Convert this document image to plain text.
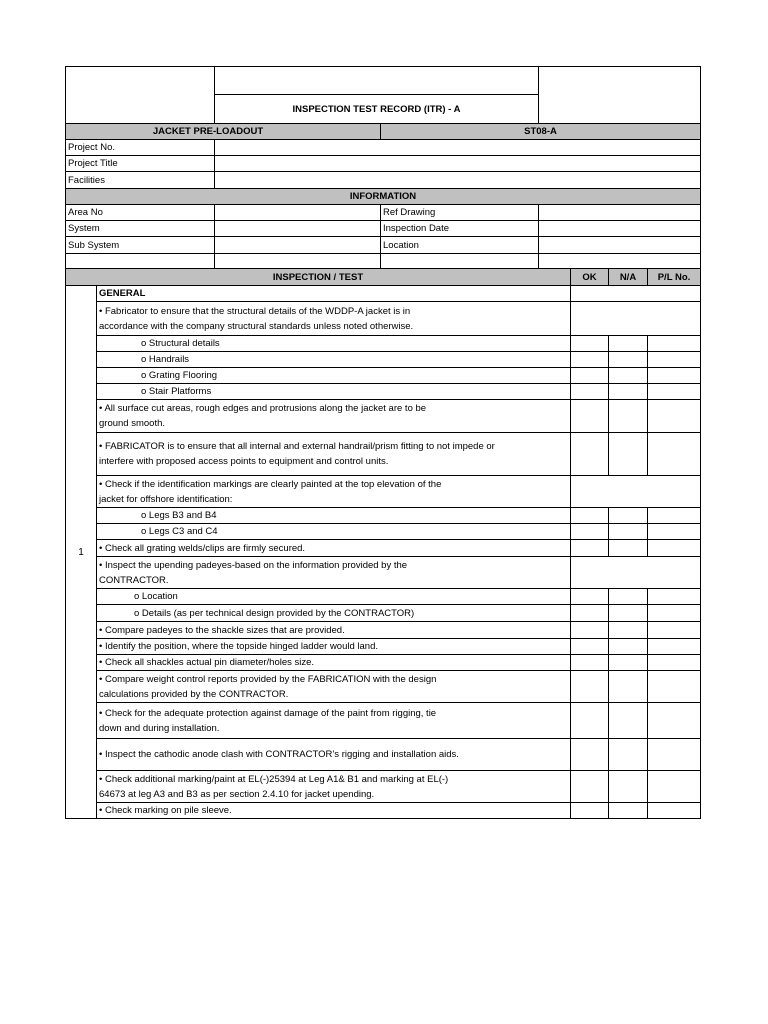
		INSPECTION TEST RECORD (ITR) - A					
JACKET PRE-LOADOUT			ST08-A				
Project No.							
Project Title							
Facilities							
INFORMATION							
Area No			Ref Drawing				
System			Inspection Date				
Sub System			Location				

INSPECTION / TEST					OK	N/A	P/L No.
1	GENERAL						
	• Fabricator to ensure that the structural details of the WDDP-A jacket is in
accordance with the company structural standards unless noted otherwise.						
	o Structural details						
	o Handrails						
	o Grating Flooring						
	o Stair Platforms						
	• All surface cut areas, rough edges and protrusions along the jacket are to be
ground smooth.						
	• FABRICATOR is to ensure that all internal and external handrail/prism fitting to not impede or
interfere with proposed access points to equipment and control units.						
	• Check if the identification markings are clearly painted at the top elevation of the
jacket for offshore identification:						
	o Legs B3 and B4						
	o Legs C3 and C4						
	• Check all grating welds/clips are firmly secured.						
	• Inspect the upending padeyes-based on the information provided by the
CONTRACTOR.						
	o Location						
	o Details (as per technical design provided by the CONTRACTOR)						
	• Compare padeyes to the shackle sizes that are provided.						
	• Identify the position, where the topside hinged ladder would land.						
	• Check all shackles actual pin diameter/holes size.						
	• Compare weight control reports provided by the FABRICATION with the design
calculations provided by the CONTRACTOR.						
	• Check for the adequate protection against damage of the paint from rigging, tie
down and during installation.						
	• Inspect the cathodic anode clash with CONTRACTOR’s rigging and installation aids.						
	• Check additional marking/paint at EL(-)25394 at Leg A1& B1 and marking at EL(-)
64673 at leg A3 and B3 as per section 2.4.10 for jacket upending.						
	• Check marking on pile sleeve.						
